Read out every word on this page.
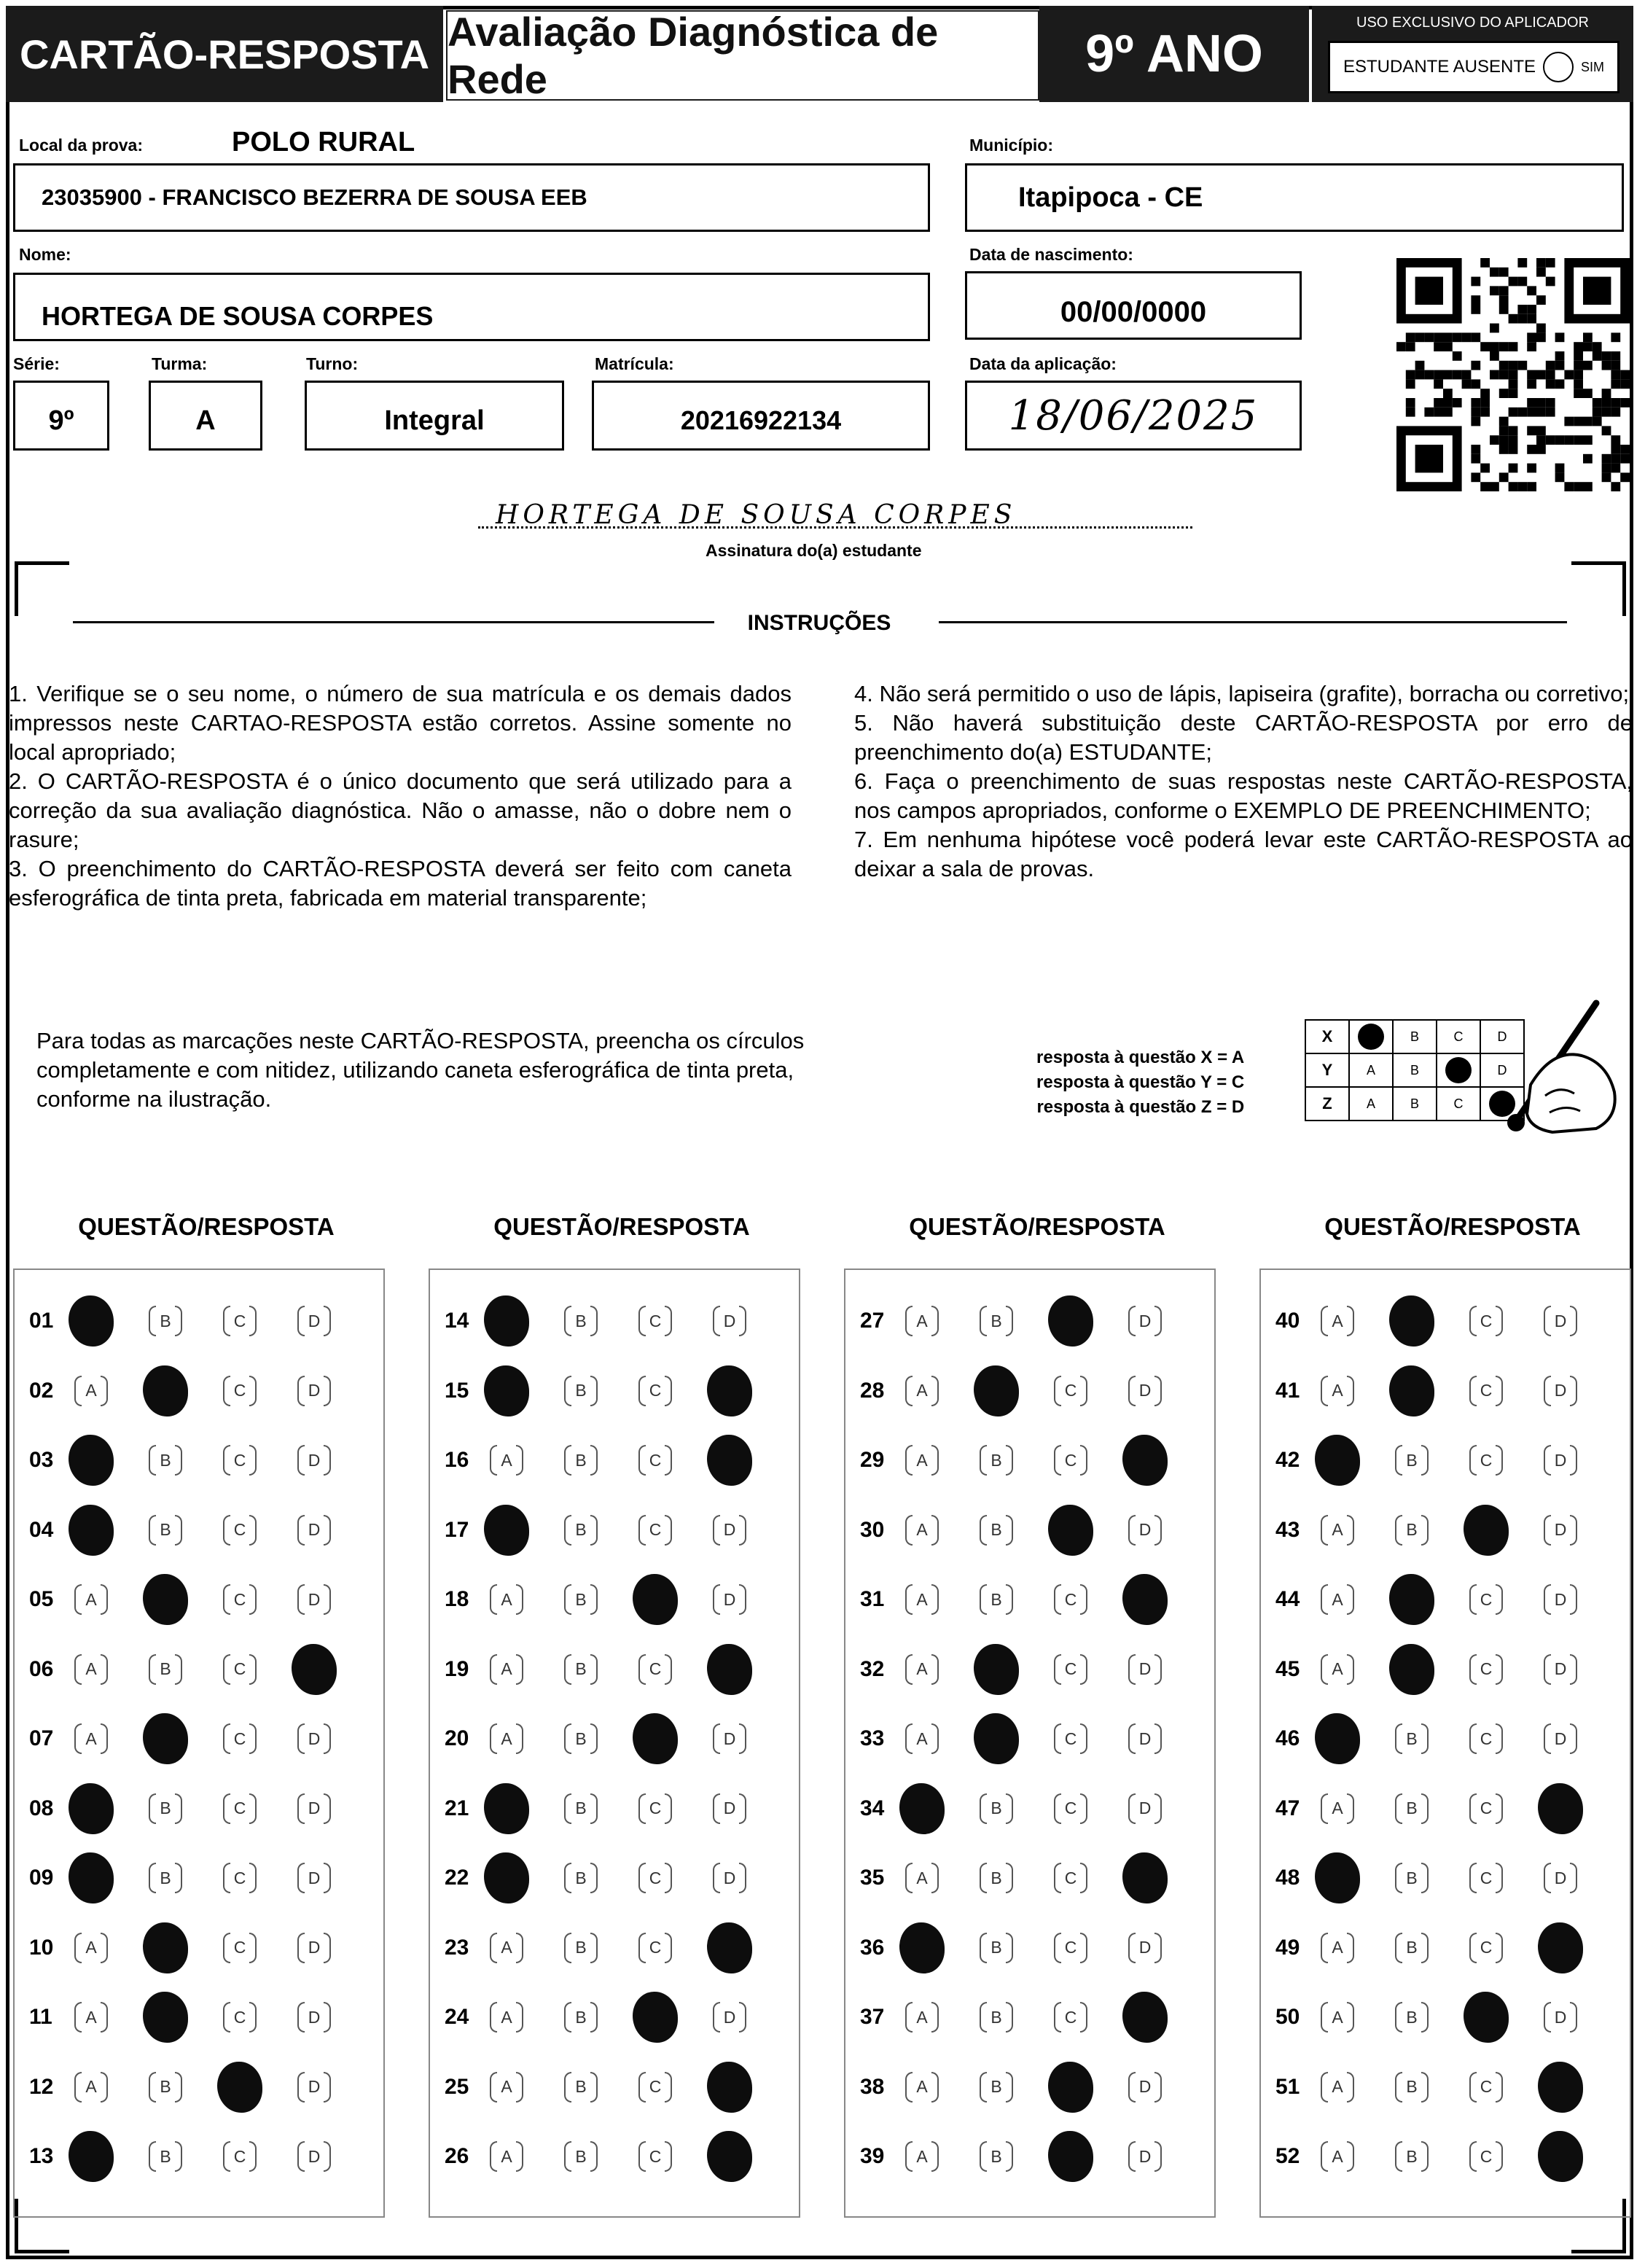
CARTÃO-RESPOSTA Avaliação Diagnóstica de Rede	9º ANO
USO EXCLUSIVO DO APLICADOR
ESTUDANTE AUSENTE	SIM
Local da prova:	POLO RURAL
23035900 - FRANCISCO BEZERRA DE SOUSA EEB
Município:
Itapipoca - CE
Nome:
HORTEGA DE SOUSA CORPES
Data de nascimento:
00/00/0000
Série:
9º
Turma:
A
Turno:
Integral
Matrícula:
20216922134
Data da aplicação:
18/06/2025
HORTEGA DE SOUSA CORPES
Assinatura do(a) estudante
INSTRUÇÕES

1. Verifique se o seu nome, o número de sua matrícula e os demais dados impressos neste CARTAO-RESPOSTA estão corretos. Assine somente no local apropriado;

2. O CARTÃO-RESPOSTA é o único documento que será utilizado para a correção da sua avaliação diagnóstica. Não o amasse, não o dobre nem o rasure;

3. O preenchimento do CARTÃO-RESPOSTA deverá ser feito com caneta esferográfica de tinta preta, fabricada em material transparente;

4. Não será permitido o uso de lápis, lapiseira (grafite), borracha ou corretivo;

5. Não haverá substituição deste CARTÃO-RESPOSTA por erro de preenchimento do(a) ESTUDANTE;

6. Faça o preenchimento de suas respostas neste CARTÃO-RESPOSTA, nos campos apropriados, conforme o EXEMPLO DE PREENCHIMENTO;

7. Em nenhuma hipótese você poderá levar este CARTÃO-RESPOSTA ao deixar a sala de provas.

Para todas as marcações neste CARTÃO-RESPOSTA, preencha os círculos completamente e com nitidez, utilizando caneta esferográfica de tinta preta, conforme na ilustração.
resposta à questão X = A
resposta à questão Y = C
resposta à questão Z = D
X		B	C	D
Y	A	B		D
Z	A	B	C	
QUESTÃO/RESPOSTA
01	B	C	D
02	A	C	D
03	B	C	D
04	B	C	D
05	A	C	D
06	A	B	C
07	A	C	D
08	B	C	D
09	B	C	D
10	A	C	D
11	A	C	D
12	A	B	D
13	B	C	D
QUESTÃO/RESPOSTA
14	B	C	D
15	B	C
16	A	B	C
17	B	C	D
18	A	B	D
19	A	B	C
20	A	B	D
21	B	C	D
22	B	C	D
23	A	B	C
24	A	B	D
25	A	B	C
26	A	B	C
QUESTÃO/RESPOSTA
27	A	B	D
28	A	C	D
29	A	B	C
30	A	B	D
31	A	B	C
32	A	C	D
33	A	C	D
34	B	C	D
35	A	B	C
36	B	C	D
37	A	B	C
38	A	B	D
39	A	B	D
QUESTÃO/RESPOSTA
40	A	C	D
41	A	C	D
42	B	C	D
43	A	B	D
44	A	C	D
45	A	C	D
46	B	C	D
47	A	B	C
48	B	C	D
49	A	B	C
50	A	B	D
51	A	B	C
52	A	B	C
